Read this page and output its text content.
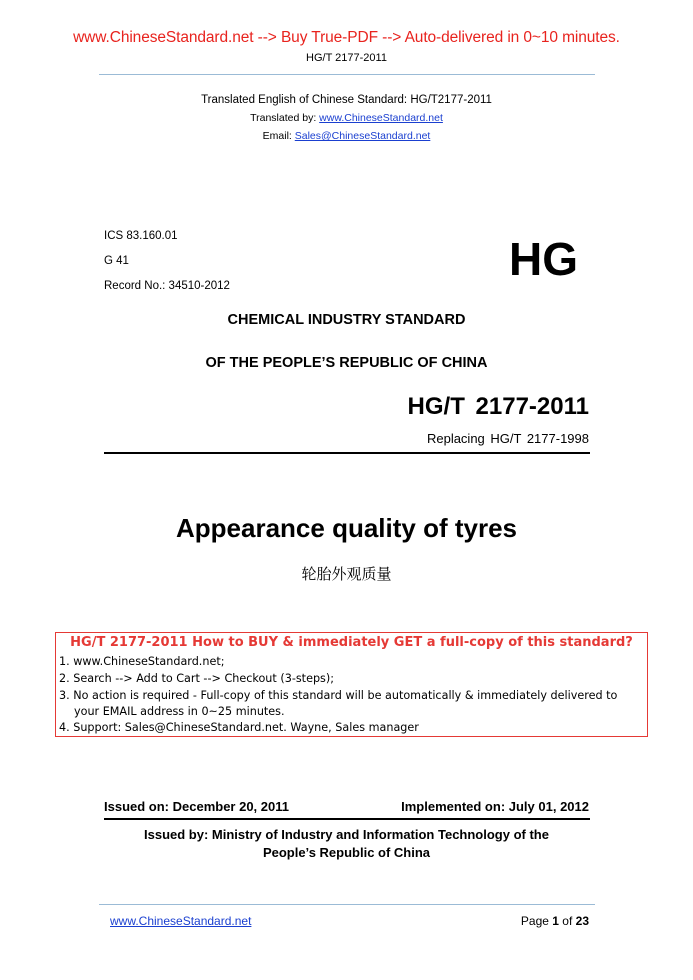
www.ChineseStandard.net --> Buy True-PDF --> Auto-delivered in 0~10 minutes.
HG/T 2177-2011
Translated English of Chinese Standard: HG/T2177-2011
Translated by: www.ChineseStandard.net
Email: Sales@ChineseStandard.net
ICS 83.160.01
G 41
Record No.: 34510-2012
HG
CHEMICAL INDUSTRY STANDARD
OF THE PEOPLE’S REPUBLIC OF CHINA
HG/T 2177-2011
Replacing HG/T 2177-1998
Appearance quality of tyres
轮胎外观质量
HG/T 2177-2011 How to BUY & immediately GET a full-copy of this standard?
1. www.ChineseStandard.net;
2. Search --> Add to Cart --> Checkout (3-steps);
3. No action is required - Full-copy of this standard will be automatically & immediately delivered to
your EMAIL address in 0~25 minutes.
4. Support: Sales@ChineseStandard.net. Wayne, Sales manager
Issued on: December 20, 2011	Implemented on: July 01, 2012
Issued by: Ministry of Industry and Information Technology of the
People’s Republic of China
www.ChineseStandard.net	Page 1 of 23
